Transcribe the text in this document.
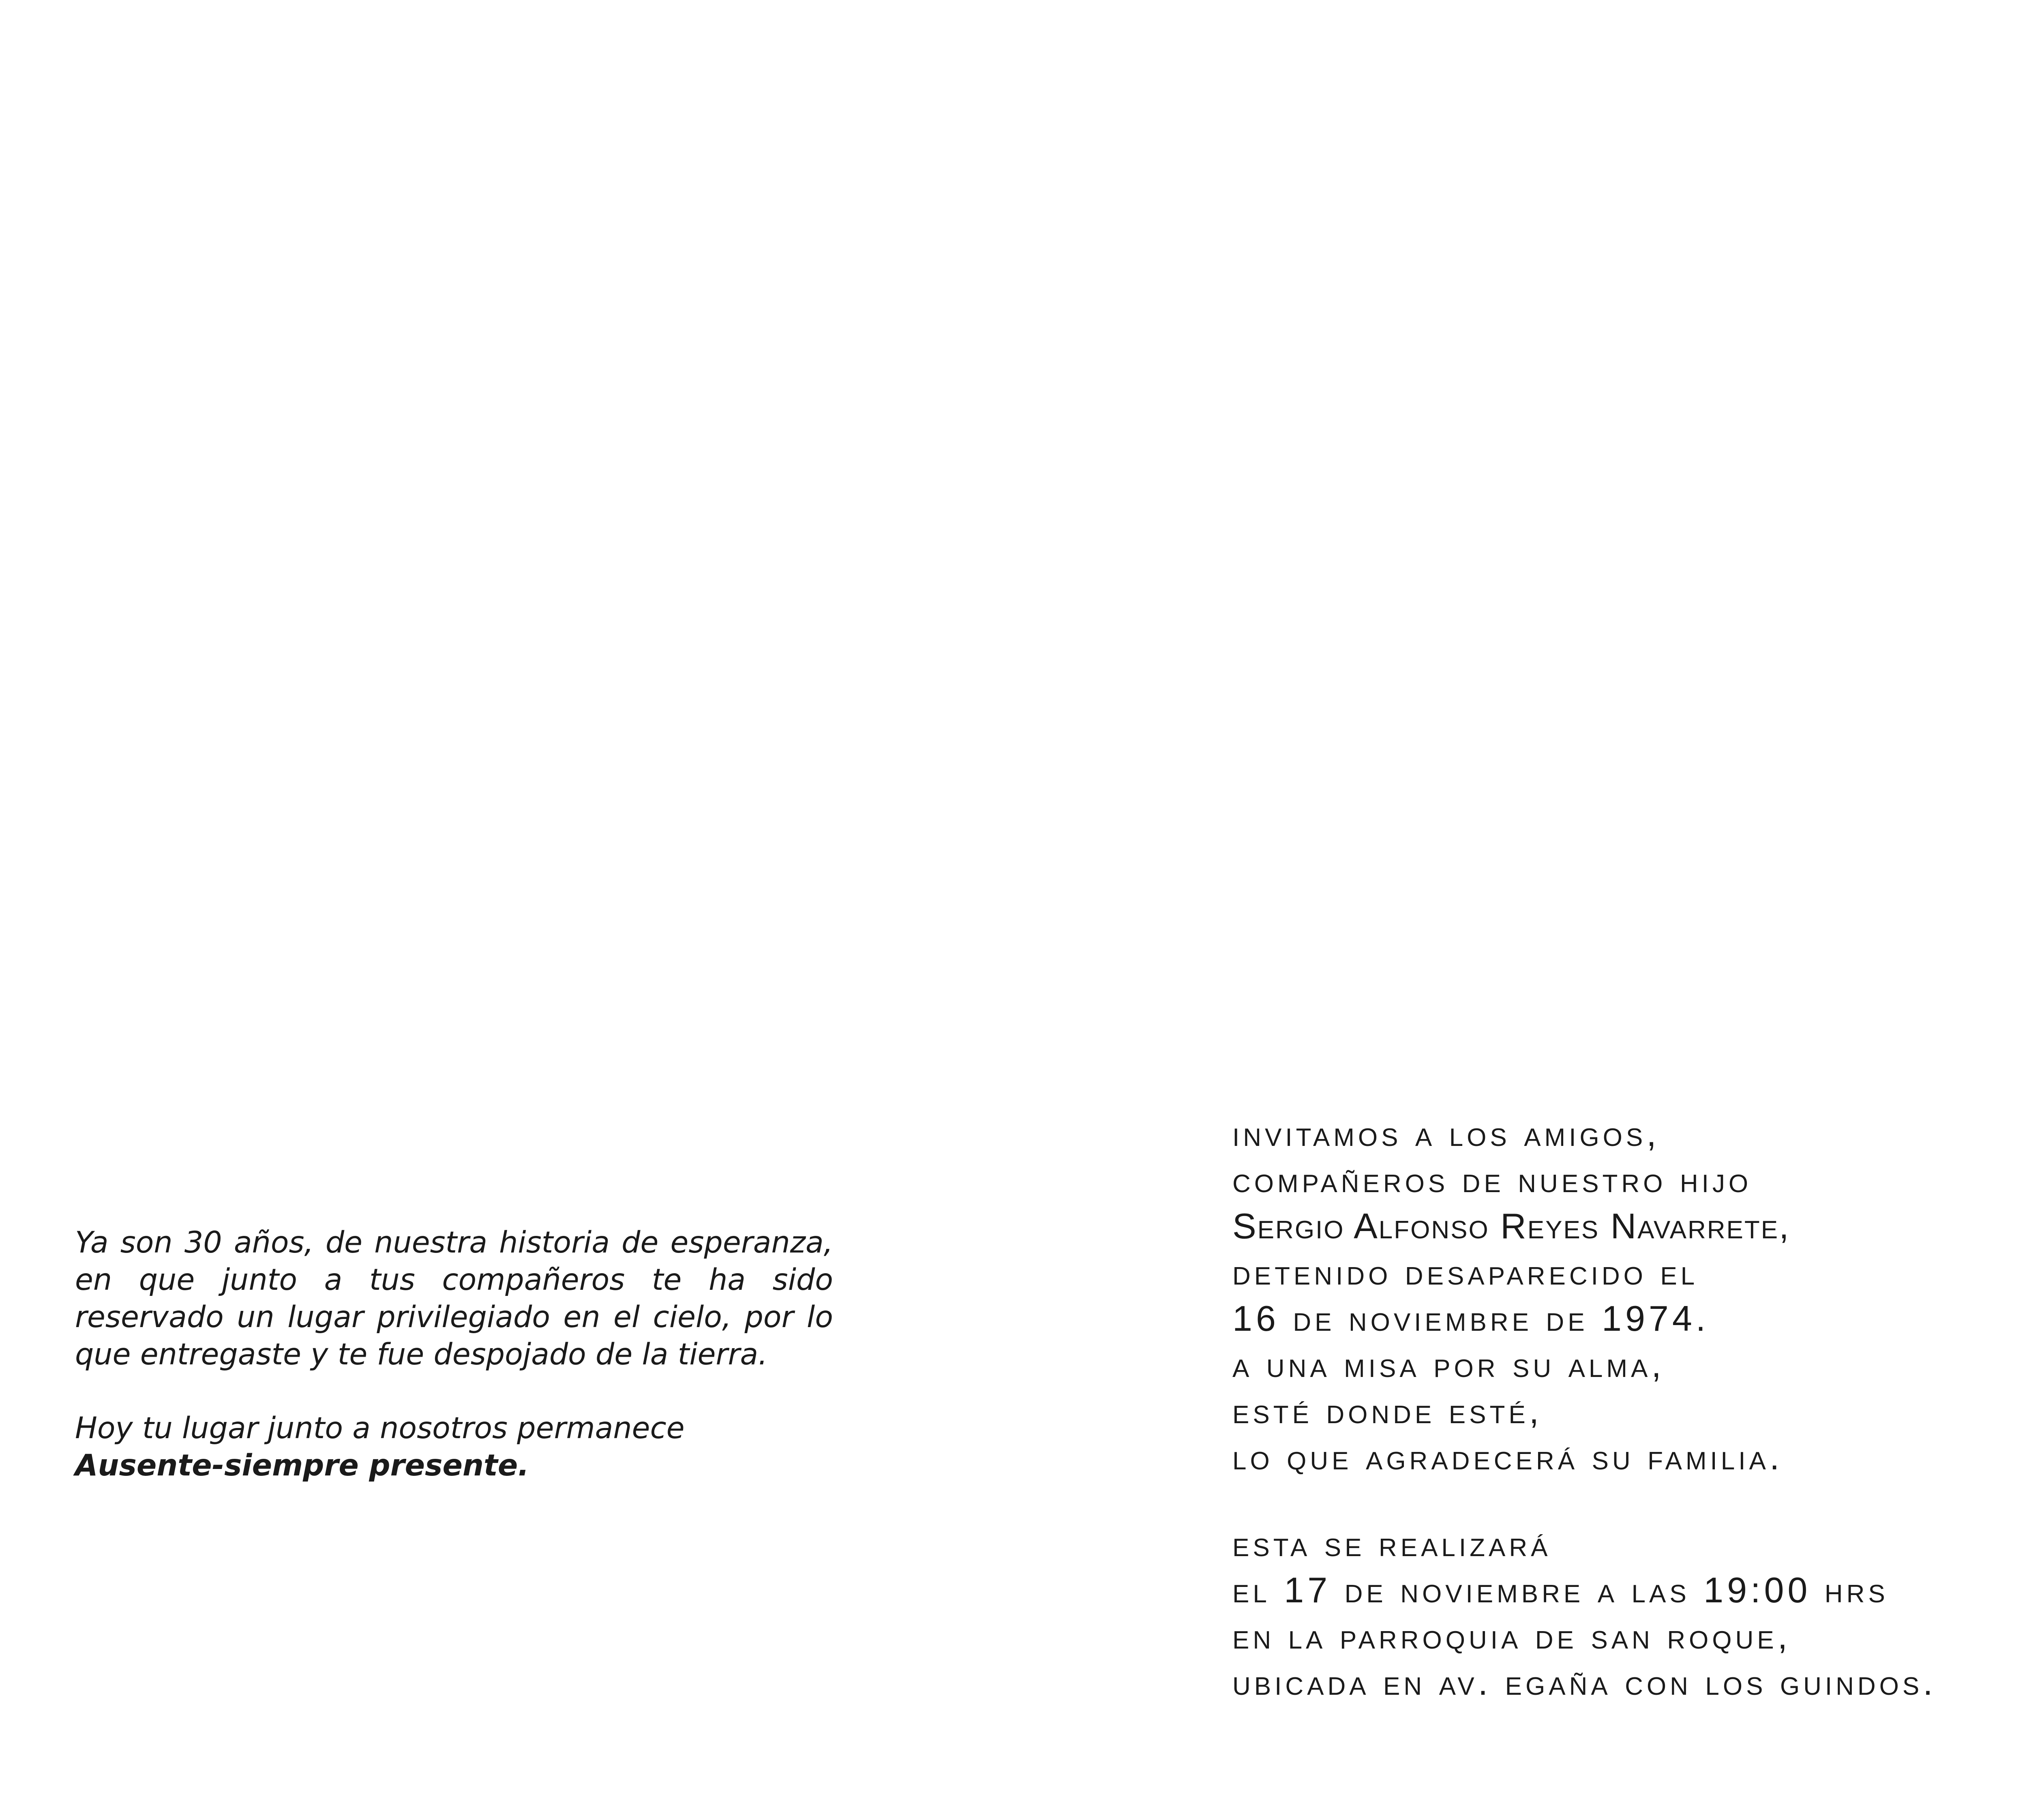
Ya son 30 años, de nuestra historia de esperanza, en que junto a tus compañeros te ha sido reservado un lugar privilegiado en el cielo, por lo que entregaste y te fue despojado de la tierra.

Hoy tu lugar junto a nosotros permanece

Ausente-siempre presente.

invitamos a los amigos,

compañeros de nuestro hijo

Sergio Alfonso Reyes Navarrete,

detenido desaparecido el

16 de noviembre de 1974.

a una misa por su alma,

esté donde esté,

lo que agradecerá su familia.

esta se realizará

el 17 de noviembre a las 19:00 hrs

en la parroquia de san roque,

ubicada en av. egaña con los guindos.
